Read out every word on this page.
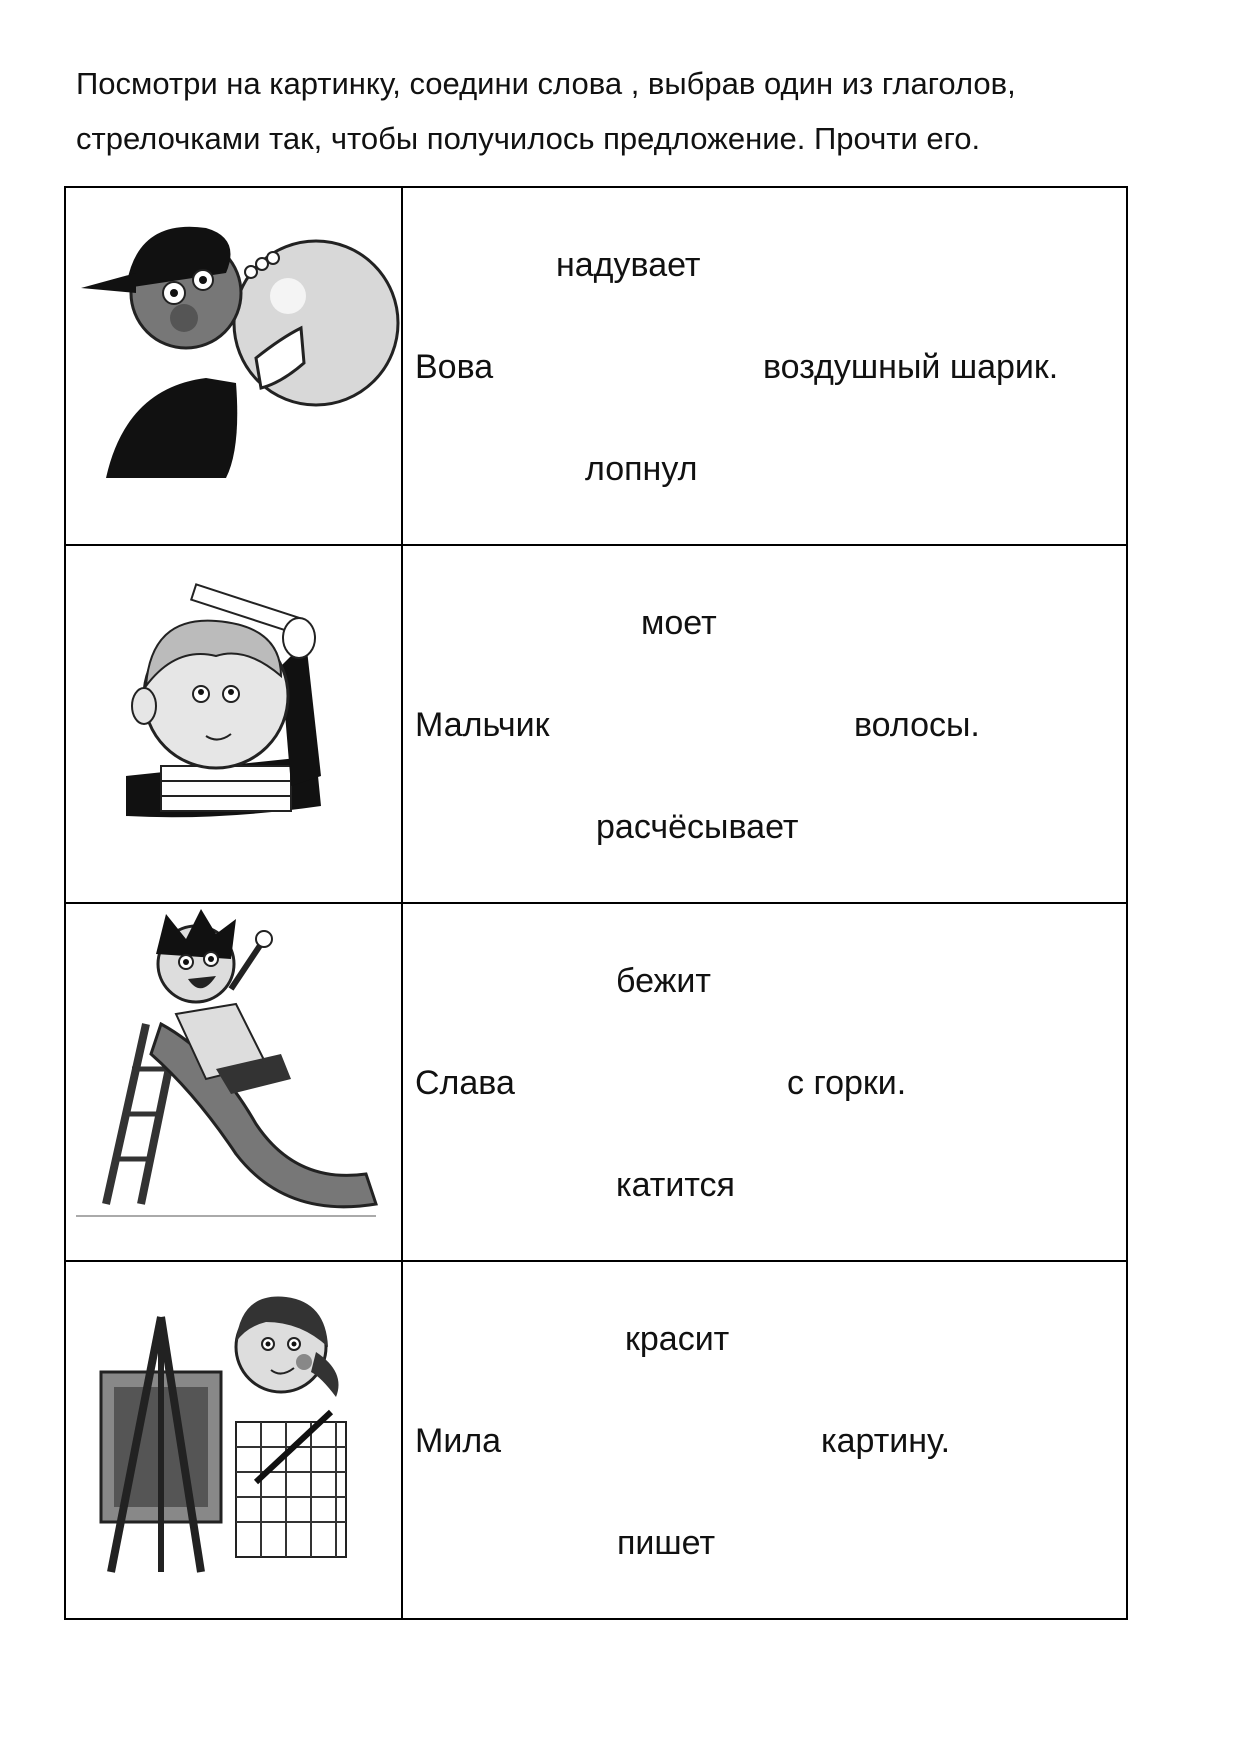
Посмотри на картинку, соедини слова , выбрав один из глаголов,
стрелочками так, чтобы получилось предложение. Прочти его.
надувает
Вова	воздушный шарик.
лопнул
моет
Мальчик	волосы.
расчёсывает
бежит
Слава	с горки.
катится
красит
Мила	картину.
пишет
